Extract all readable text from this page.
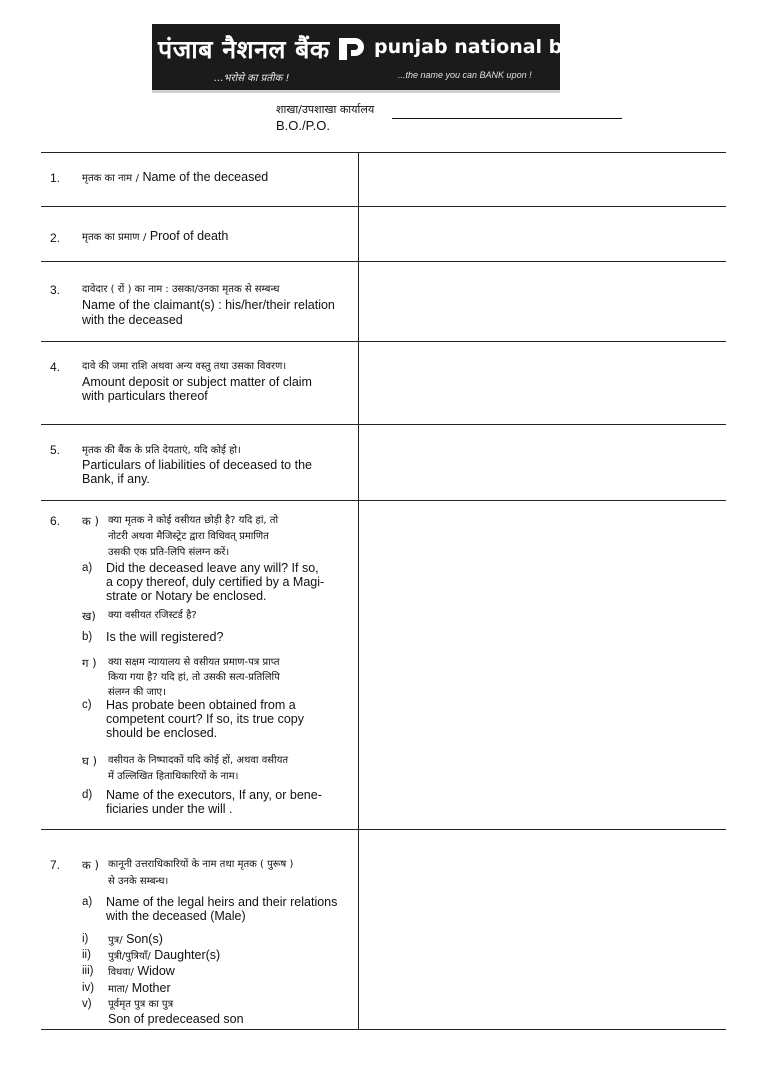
पंजाब नैशनल बैंक
...भरोसे का प्रतीक !
punjab national bank
...the name you can BANK upon !
शाखा/उपशाखा कार्यालय
B.O./P.O.
1. मृतक का नाम / Name of the deceased
2. मृतक का प्रमाण / Proof of death
3. दावेदार ( रों ) का नाम : उसका/उनका मृतक से सम्बन्ध
Name of the claimant(s) : his/her/their relation
with the deceased
4. दावे की जमा राशि अथवा अन्य वस्तु तथा उसका विवरण।
Amount deposit or subject matter of claim
with particulars thereof
5. मृतक की बैंक के प्रति देयताएं, यदि कोई हो।
Particulars of liabilities of deceased to the
Bank, if any.
6. क ) क्या मृतक ने कोई वसीयत छोड़ी है? यदि हां, तो
नोटरी अथवा मैजिस्ट्रेट द्वारा विधिवत् प्रमाणित
उसकी एक प्रति-लिपि संलग्न करें।
a) Did the deceased leave any will? If so,
a copy thereof, duly certified by a Magi-
strate or Notary be enclosed.
ख) क्या वसीयत रजिस्टर्ड है?
b) Is the will registered?
ग ) क्या सक्षम न्यायालय से वसीयत प्रमाण-पत्र प्राप्त
किया गया है? यदि हां, तो उसकी सत्य-प्रतिलिपि
संलग्न की जाए।
c) Has probate been obtained from a
competent court? If so, its true copy
should be enclosed.
घ ) वसीयत के निष्पादकों यदि कोई हों, अथवा वसीयत
में उल्लिखित हिताधिकारियों के नाम।
d) Name of the executors, If any, or bene-
ficiaries under the will .
7. क ) कानूनी उत्तराधिकारियों के नाम तथा मृतक ( पुरूष )
से उनके सम्बन्ध।
a) Name of the legal heirs and their relations
with the deceased (Male)
i) पुत्र/ Son(s)
ii) पुत्री/पुत्रियॉं/ Daughter(s)
iii) विधवा/ Widow
iv) माता/ Mother
v) पूर्वमृत पुत्र का पुत्र
Son of predeceased son
